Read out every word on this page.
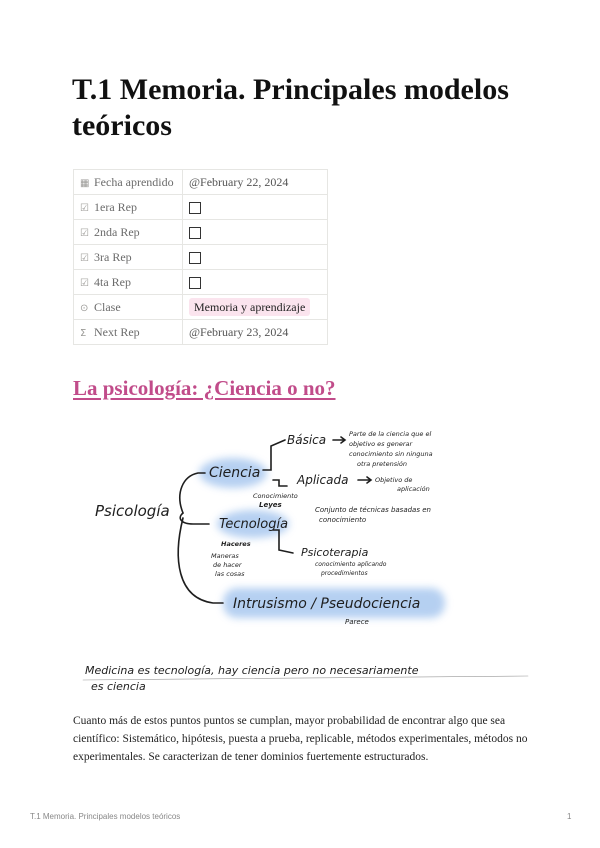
T.1 Memoria. Principales modelos teóricos
▦ Fecha aprendido	@February 22, 2024
☑ 1era Rep	
☑ 2nda Rep	
☑ 3ra Rep	
☑ 4ta Rep	
⊙ Clase	Memoria y aprendizaje
Σ Next Rep	@February 23, 2024
La psicología: ¿Ciencia o no?
Psicología
Ciencia
Básica	Parte de la ciencia que el
objetivo es generar
conocimiento sin ninguna
otra pretensión
Aplicada	Objetivo de
aplicación
Conocimiento
Leyes
Tecnología
Conjunto de técnicas basadas en
conocimiento
Haceres
Maneras
de hacer
las cosas
Psicoterapia
conocimiento aplicando
procedimientos
Intrusismo / Pseudociencia
Parece
Medicina es tecnología, hay ciencia pero no necesariamente
es ciencia

Cuanto más de estos puntos puntos se cumplan, mayor probabilidad de encontrar algo que sea científico: Sistemático, hipótesis, puesta a prueba, replicable, métodos experimentales, métodos no experimentales. Se caracterizan de tener dominios fuertemente estructurados.

T.1 Memoria. Principales modelos teóricos	1
